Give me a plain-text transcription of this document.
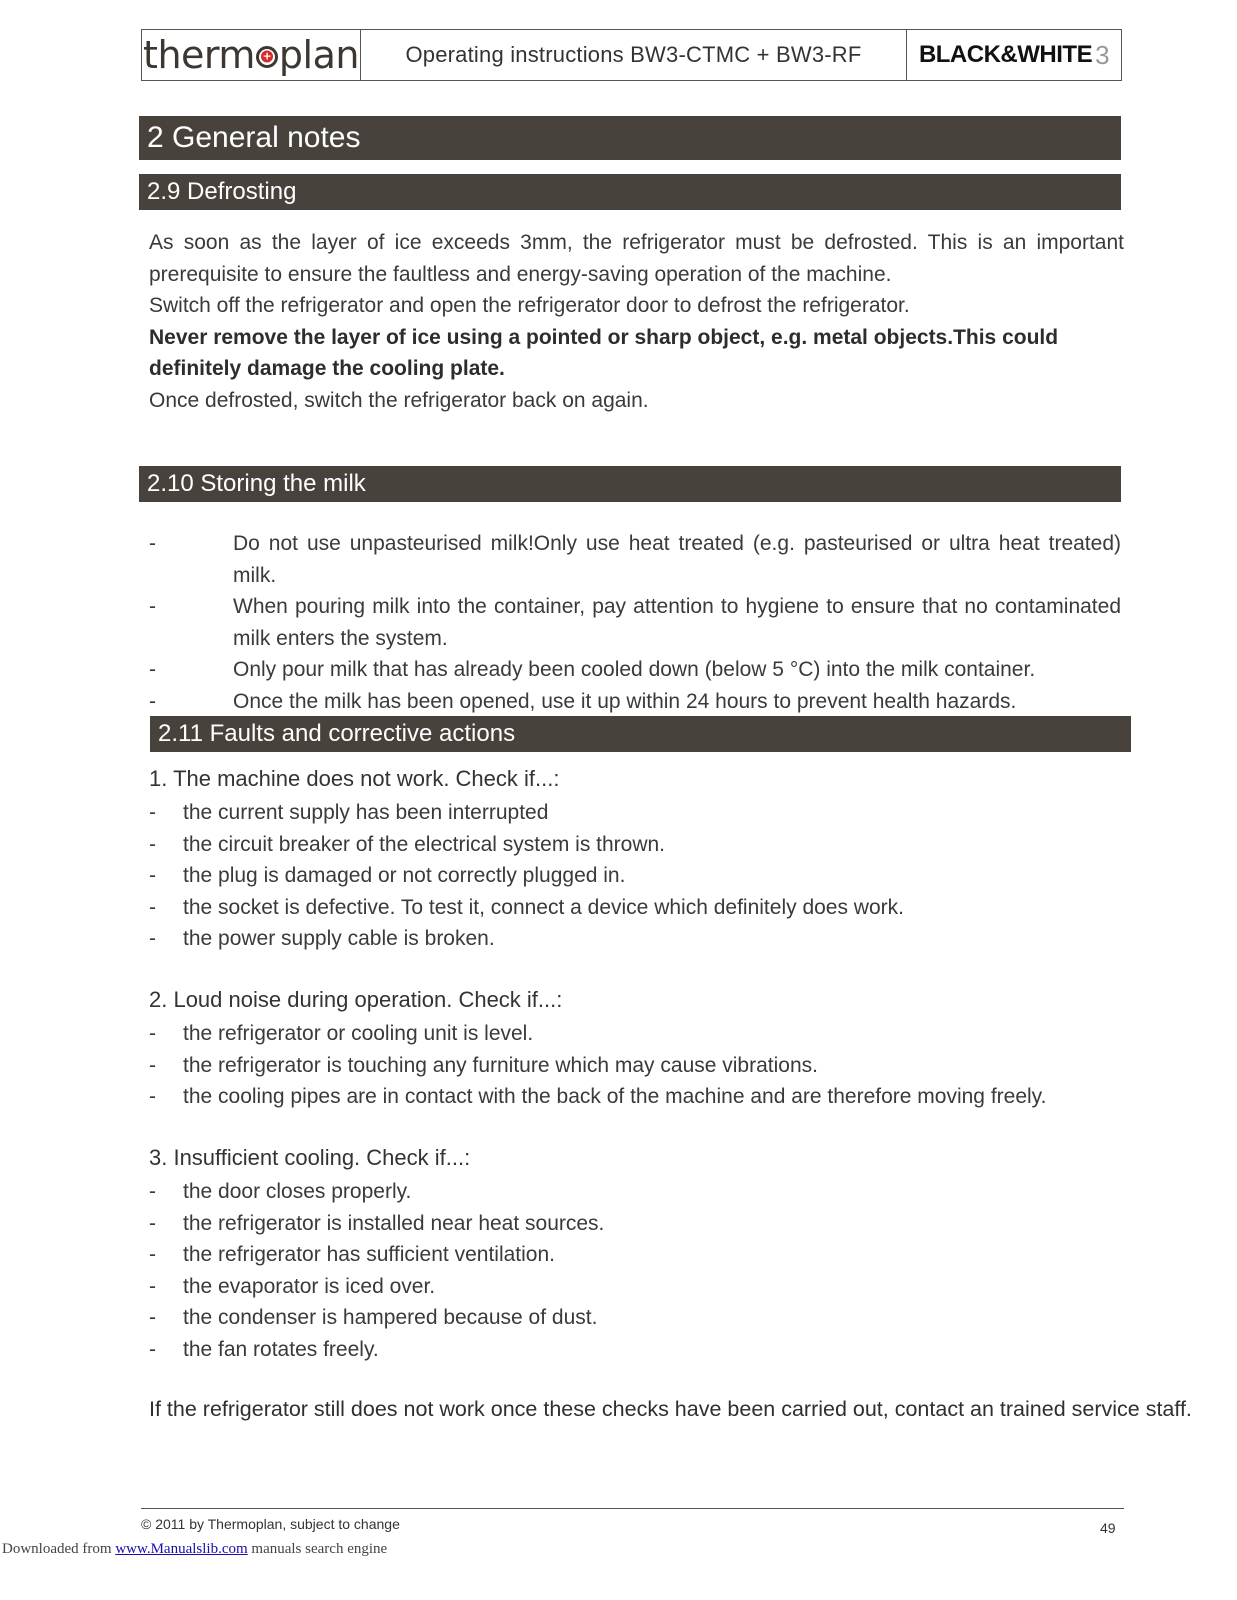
therm
+ plan	Operating instructions BW3-CTMC + BW3-RF	BLACK&WHITE 3
2 General notes
2.9 Defrosting

As soon as the layer of ice exceeds 3mm, the refrigerator must be defrosted. This is an important prerequisite to ensure the faultless and energy-saving operation of the machine.

Switch off the refrigerator and open the refrigerator door to defrost the refrigerator.

Never remove the layer of ice using a pointed or sharp object, e.g. metal objects.This could definitely damage the cooling plate.

Once defrosted, switch the refrigerator back on again.

2.10 Storing the milk
-	Do not use unpasteurised milk!Only use heat treated (e.g. pasteurised or ultra heat treated) milk.
-	When pouring milk into the container, pay attention to hygiene to ensure that no contaminated milk enters the system.
-	Only pour milk that has already been cooled down (below 5 °C) into the milk container.
-	Once the milk has been opened, use it up within 24 hours to prevent health hazards.
2.11 Faults and corrective actions
1. The machine does not work. Check if...:
- the current supply has been interrupted
- the circuit breaker of the electrical system is thrown.
- the plug is damaged or not correctly plugged in.
- the socket is defective. To test it, connect a device which definitely does work.
- the power supply cable is broken.
2. Loud noise during operation. Check if...:
- the refrigerator or cooling unit is level.
- the refrigerator is touching any furniture which may cause vibrations.
- the cooling pipes are in contact with the back of the machine and are therefore moving freely.
3. Insufficient cooling. Check if...:
- the door closes properly.
- the refrigerator is installed near heat sources.
- the refrigerator has sufficient ventilation.
- the evaporator is iced over.
- the condenser is hampered because of dust.
- the fan rotates freely.
If the refrigerator still does not work once these checks have been carried out, contact an trained service staff.
© 2011 by Thermoplan, subject to change	49
Downloaded from www.Manualslib.com manuals search engine
